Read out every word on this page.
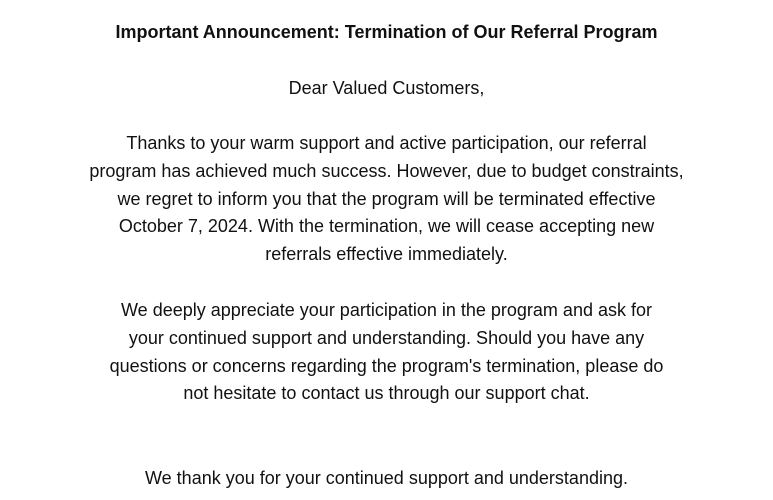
Important Announcement: Termination of Our Referral Program

Dear Valued Customers,

Thanks to your warm support and active participation, our referral
program has achieved much success. However, due to budget constraints,
we regret to inform you that the program will be terminated effective
October 7, 2024. With the termination, we will cease accepting new
referrals effective immediately.

We deeply appreciate your participation in the program and ask for
your continued support and understanding. Should you have any
questions or concerns regarding the program's termination, please do
not hesitate to contact us through our support chat.

We thank you for your continued support and understanding.
